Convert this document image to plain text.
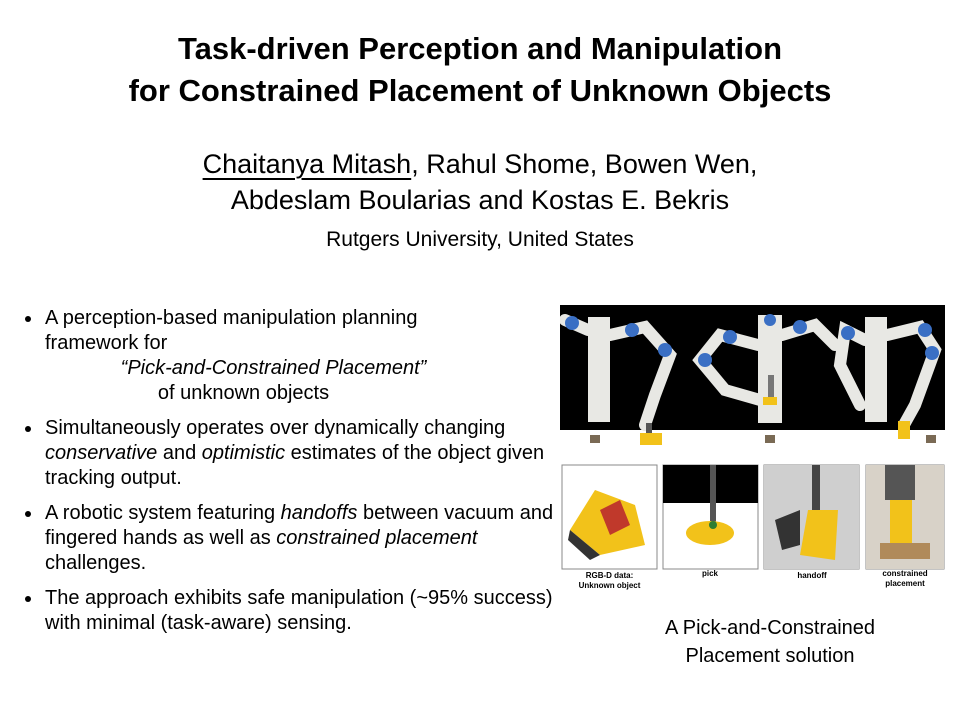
Task-driven Perception and Manipulation
for Constrained Placement of Unknown Objects
Chaitanya Mitash, Rahul Shome, Bowen Wen,
Abdeslam Boularias and Kostas E. Bekris
Rutgers University, United States
A perception-based manipulation planning
framework for
“Pick-and-Constrained Placement”
of unknown objects
Simultaneously operates over dynamically changing conservative and optimistic estimates of the object given tracking output.
A robotic system featuring handoffs between vacuum and fingered hands as well as constrained placement challenges.
The approach exhibits safe manipulation (~95% success) with minimal (task-aware) sensing.
RGB-D data:
Unknown object
pick	handoff	constrained
placement
A Pick-and-Constrained
Placement solution
